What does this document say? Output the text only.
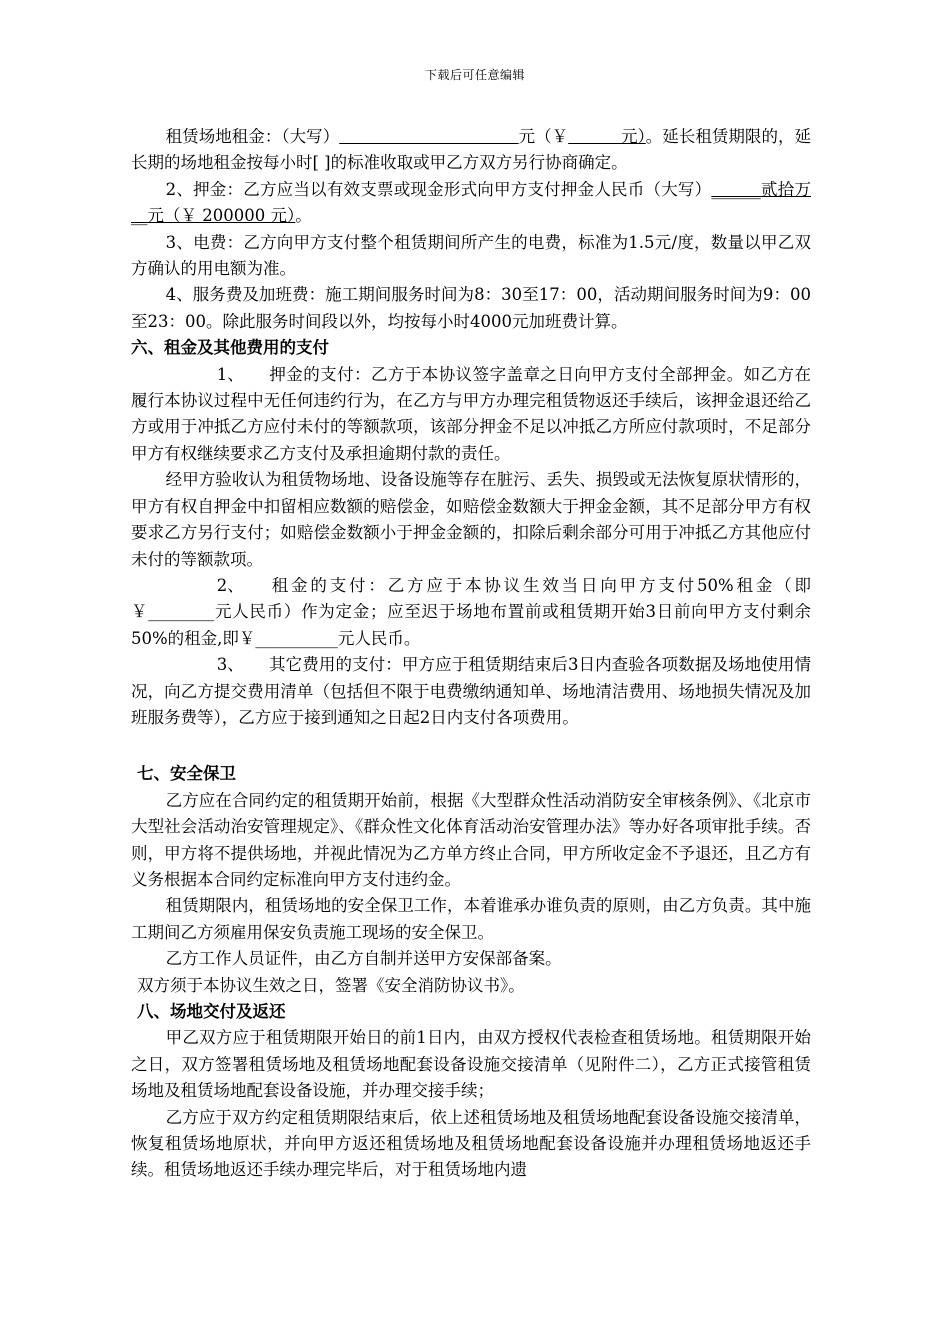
下载后可任意编辑

租赁场地租金：（大写）	元（￥	元）。延长租赁期限的，延长期的场地租金按每小时[ ]的标准收取或甲乙方双方另行协商确定。

2、押金：乙方应当以有效支票或现金形式向甲方支付押金人民币（大写）______贰拾万__元（￥ 200000 元）。

3、电费：乙方向甲方支付整个租赁期间所产生的电费，标准为1.5元/度，数量以甲乙双方确认的用电额为准。

4、服务费及加班费：施工期间服务时间为8：30至17：00，活动期间服务时间为9：00至23：00。除此服务时间段以外，均按每小时4000元加班费计算。

六、租金及其他费用的支付

1、 押金的支付：乙方于本协议签字盖章之日向甲方支付全部押金。如乙方在履行本协议过程中无任何违约行为，在乙方与甲方办理完租赁物返还手续后，该押金退还给乙方或用于冲抵乙方应付未付的等额款项，该部分押金不足以冲抵乙方所应付款项时，不足部分甲方有权继续要求乙方支付及承担逾期付款的责任。

经甲方验收认为租赁物场地、设备设施等存在脏污、丢失、损毁或无法恢复原状情形的，甲方有权自押金中扣留相应数额的赔偿金，如赔偿金数额大于押金金额，其不足部分甲方有权要求乙方另行支付；如赔偿金数额小于押金金额的，扣除后剩余部分可用于冲抵乙方其他应付未付的等额款项。

2、 租金的支付：乙方应于本协议生效当日向甲方支付50%租金（即￥________元人民币）作为定金；应至迟于场地布置前或租赁期开始3日前向甲方支付剩余50%的租金,即￥__________元人民币。

3、 其它费用的支付：甲方应于租赁期结束后3日内查验各项数据及场地使用情况，向乙方提交费用清单（包括但不限于电费缴纳通知单、场地清洁费用、场地损失情况及加班服务费等），乙方应于接到通知之日起2日内支付各项费用。

七、安全保卫

乙方应在合同约定的租赁期开始前，根据《大型群众性活动消防安全审核条例》、《北京市大型社会活动治安管理规定》、《群众性文化体育活动治安管理办法》等办好各项审批手续。否则，甲方将不提供场地，并视此情况为乙方单方终止合同，甲方所收定金不予退还，且乙方有义务根据本合同约定标准向甲方支付违约金。

租赁期限内，租赁场地的安全保卫工作，本着谁承办谁负责的原则，由乙方负责。其中施工期间乙方须雇用保安负责施工现场的安全保卫。

乙方工作人员证件，由乙方自制并送甲方安保部备案。

双方须于本协议生效之日，签署《安全消防协议书》。

八、场地交付及返还

甲乙双方应于租赁期限开始日的前1日内，由双方授权代表检查租赁场地。租赁期限开始之日，双方签署租赁场地及租赁场地配套设备设施交接清单（见附件二），乙方正式接管租赁场地及租赁场地配套设备设施，并办理交接手续；

乙方应于双方约定租赁期限结束后，依上述租赁场地及租赁场地配套设备设施交接清单，恢复租赁场地原状，并向甲方返还租赁场地及租赁场地配套设备设施并办理租赁场地返还手续。租赁场地返还手续办理完毕后，对于租赁场地内遗
